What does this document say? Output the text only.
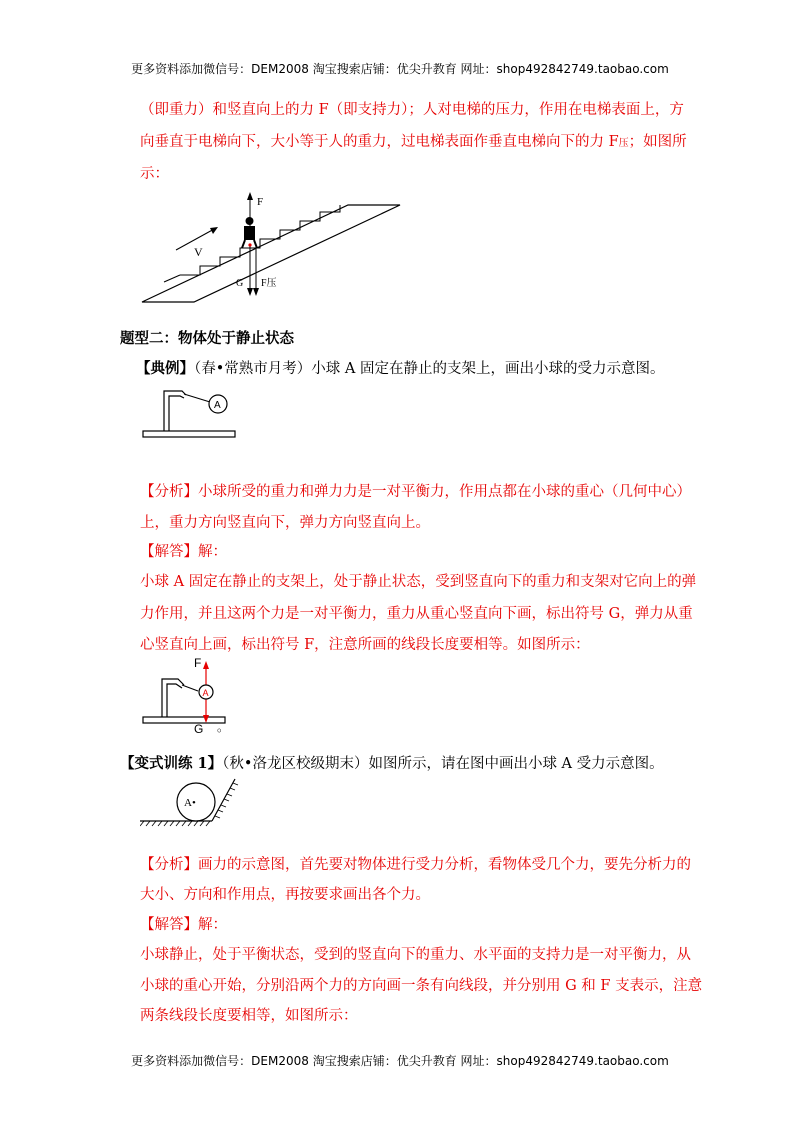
更多资料添加微信号：DEM2008 淘宝搜索店铺：优尖升教育 网址：shop492842749.taobao.com
（即重力）和竖直向上的力 F（即支持力）；人对电梯的压力，作用在电梯表面上，方
向垂直于电梯向下，大小等于人的重力，过电梯表面作垂直电梯向下的力 F压；如图所
示：
V
F
G F压
题型二：物体处于静止状态
【典例】（春•常熟市月考）小球 A 固定在静止的支架上，画出小球的受力示意图。
A
【分析】小球所受的重力和弹力力是一对平衡力，作用点都在小球的重心（几何中心）
上，重力方向竖直向下，弹力方向竖直向上。
【解答】解：
小球 A 固定在静止的支架上，处于静止状态，受到竖直向下的重力和支架对它向上的弹
力作用，并且这两个力是一对平衡力，重力从重心竖直向下画，标出符号 G，弹力从重
心竖直向上画，标出符号 F，注意所画的线段长度要相等。如图所示：
A
F
G 。
【变式训练 1】（秋•洛龙区校级期末）如图所示，请在图中画出小球 A 受力示意图。
A•
【分析】画力的示意图，首先要对物体进行受力分析，看物体受几个力，要先分析力的
大小、方向和作用点，再按要求画出各个力。
【解答】解：
小球静止，处于平衡状态，受到的竖直向下的重力、水平面的支持力是一对平衡力，从
小球的重心开始，分别沿两个力的方向画一条有向线段，并分别用 G 和 F 支表示，注意
两条线段长度要相等，如图所示：
更多资料添加微信号：DEM2008 淘宝搜索店铺：优尖升教育 网址：shop492842749.taobao.com
